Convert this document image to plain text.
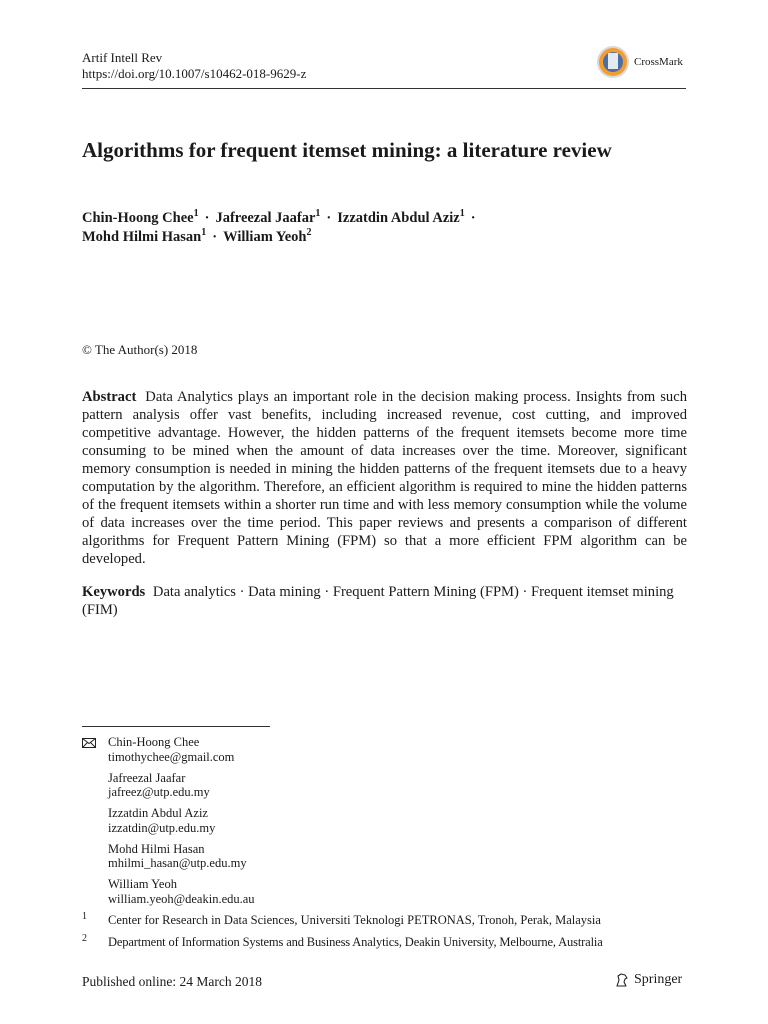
Artif Intell Rev
https://doi.org/10.1007/s10462-018-9629-z
CrossMark
Algorithms for frequent itemset mining: a literature review
Chin-Hoong Chee$^1$ · Jafreezal Jaafar$^1$ · Izzatdin Abdul Aziz$^1$ ·
Mohd Hilmi Hasan$^1$ · William Yeoh$^2$
© The Author(s) 2018
Abstract Data Analytics plays an important role in the decision making process. Insights from such pattern analysis offer vast benefits, including increased revenue, cost cutting, and improved competitive advantage. However, the hidden patterns of the frequent itemsets become more time consuming to be mined when the amount of data increases over the time. Moreover, significant memory consumption is needed in mining the hidden patterns of the frequent itemsets due to a heavy computation by the algorithm. Therefore, an efficient algorithm is required to mine the hidden patterns of the frequent itemsets within a shorter run time and with less memory consumption while the volume of data increases over the time period. This paper reviews and presents a comparison of different algorithms for Frequent Pattern Mining (FPM) so that a more efficient FPM algorithm can be developed.
Keywords Data analytics · Data mining · Frequent Pattern Mining (FPM) · Frequent itemset mining (FIM)
Chin-Hoong Chee
timothychee@gmail.com
Jafreezal Jaafar
jafreez@utp.edu.my
Izzatdin Abdul Aziz
izzatdin@utp.edu.my
Mohd Hilmi Hasan
mhilmi_hasan@utp.edu.my
William Yeoh
william.yeoh@deakin.edu.au
1 Center for Research in Data Sciences, Universiti Teknologi PETRONAS, Tronoh, Perak, Malaysia
2 Department of Information Systems and Business Analytics, Deakin University, Melbourne, Australia
Published online: 24 March 2018	Springer
